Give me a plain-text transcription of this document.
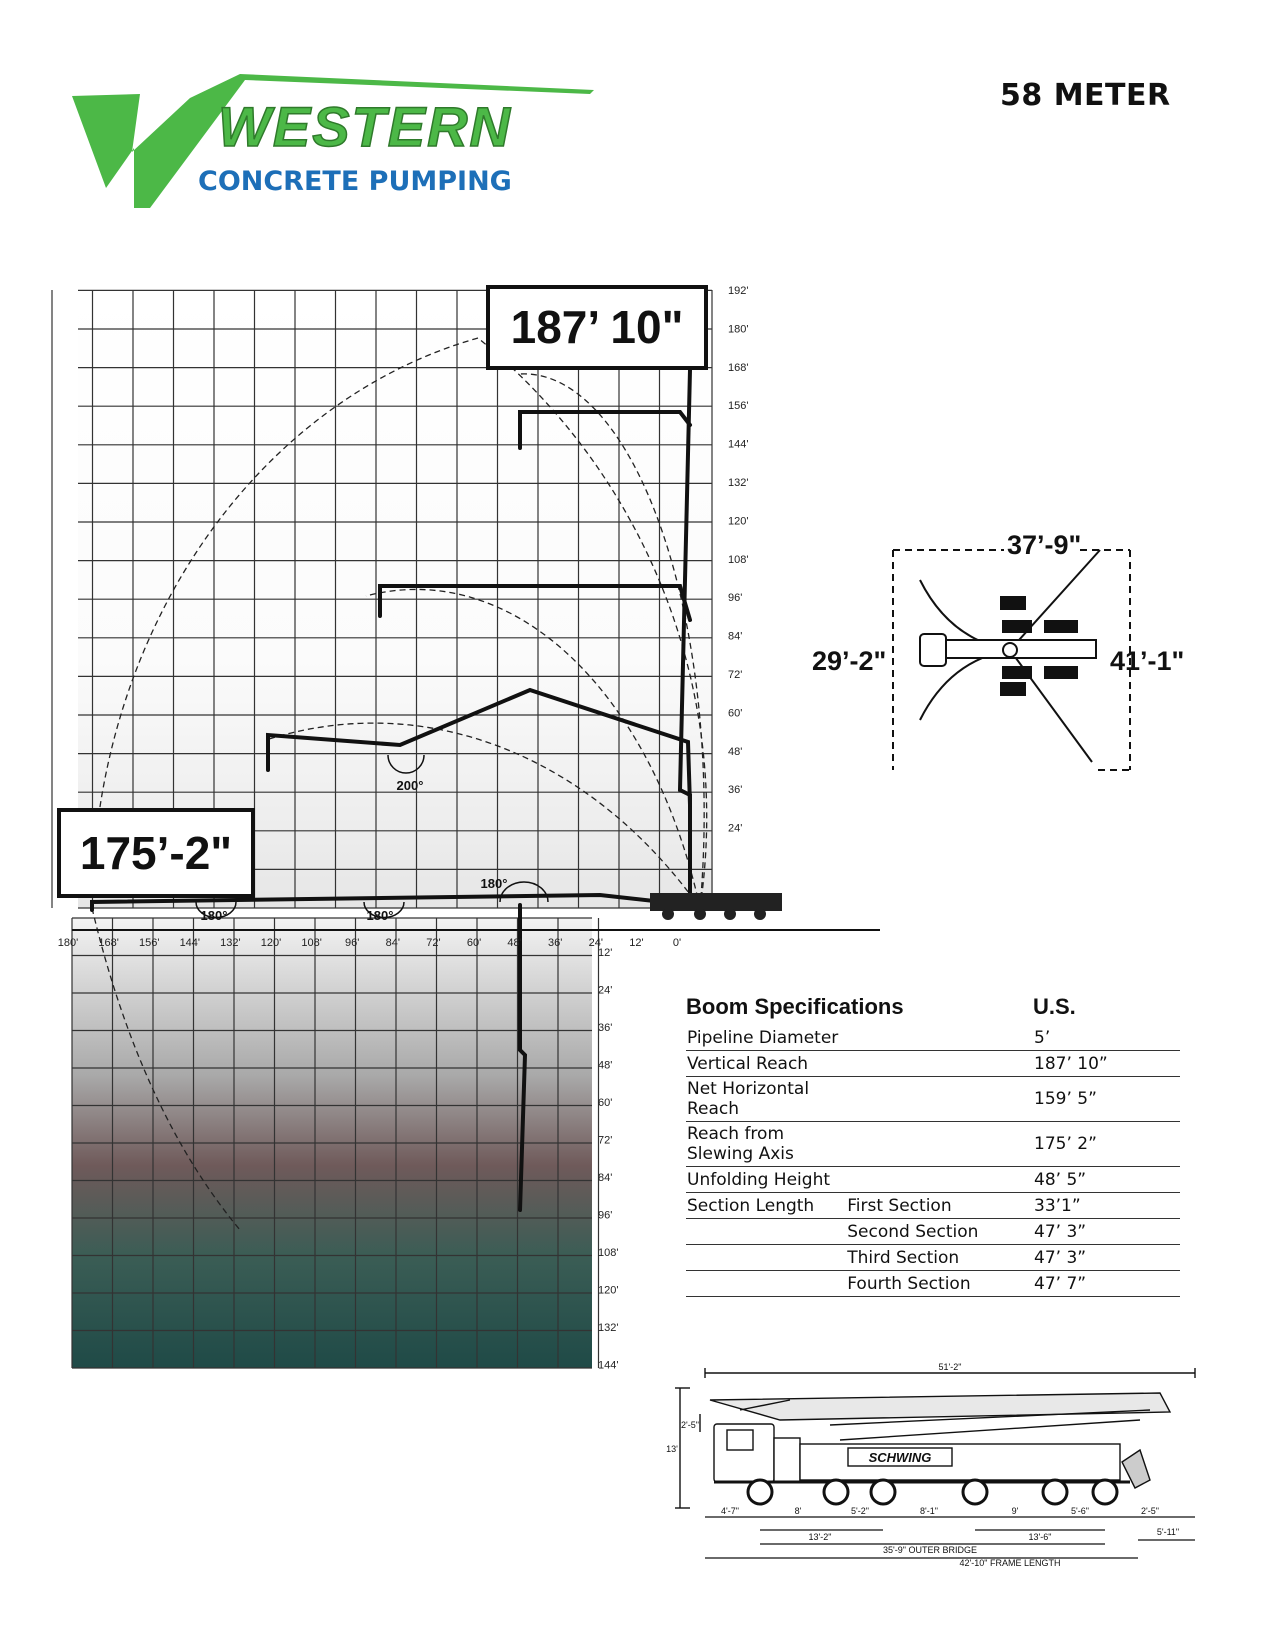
WESTERN
CONCRETE PUMPING
58 METER
200°
180°	180°
180°
192'
180'
168'
156'
144'
132'
120'
108'
96'
84'
72'
60'
48'
36'
24'
180' 168' 156' 144' 132' 120' 108' 96' 84' 72' 60' 48' 36' 24' 12'	0'
12'
24'
36'
48'
60'
72'
84'
96'
108'
120'
132'
144'
187’ 10"
175’-2"
37’-9"
29’-2"	41’-1"
Boom Specifications		U.S.
Pipeline Diameter		5’
Vertical Reach		187’ 10”
Net Horizontal Reach		159’ 5”
Reach from Slewing Axis		175’ 2”
Unfolding Height		48’ 5”
Section Length	First Section	33’1”
	Second Section	47’ 3”
	Third Section	47’ 3”
	Fourth Section	47’ 7”
SCHWING
51'-2"
13'
2'-5"
4'-7"	8'	5'-2"	8'-1"	9'	5'-6"	2'-5"
13'-2"	13'-6"
35'-9" OUTER BRIDGE
42'-10" FRAME LENGTH
5'-11"
